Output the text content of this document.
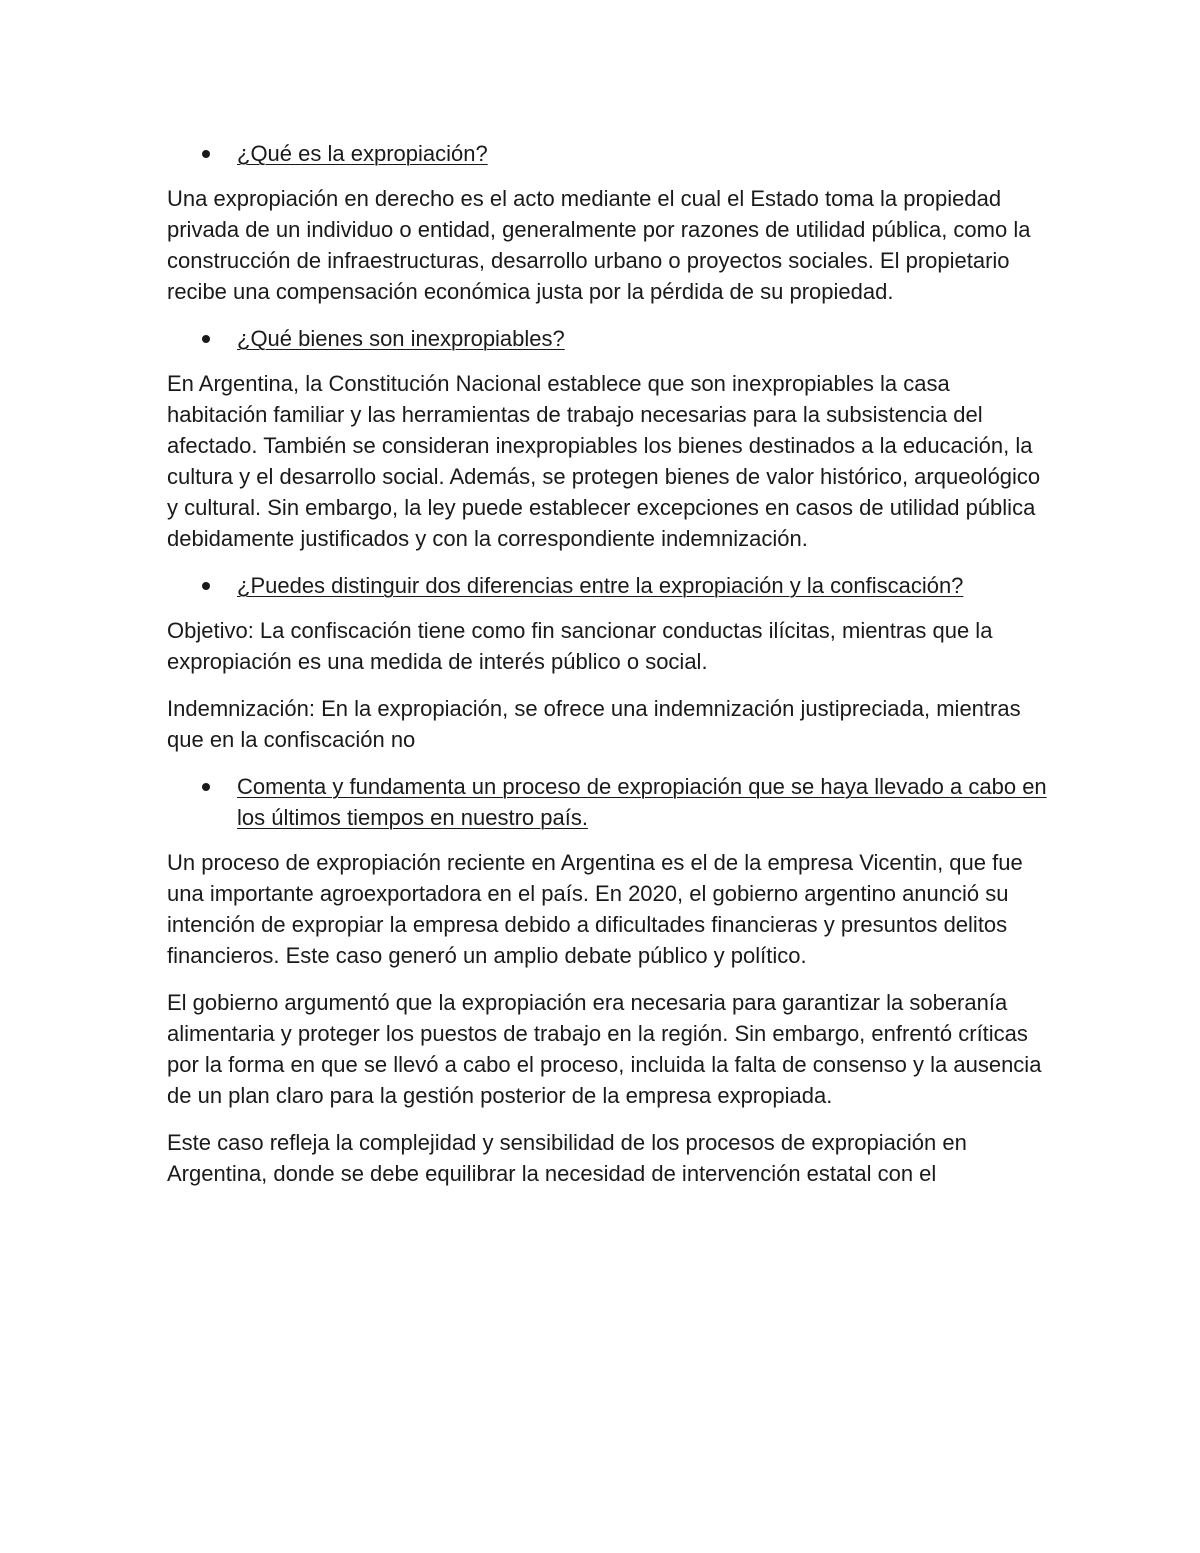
¿Qué es la expropiación?

Una expropiación en derecho es el acto mediante el cual el Estado toma la propiedad privada de un individuo o entidad, generalmente por razones de utilidad pública, como la construcción de infraestructuras, desarrollo urbano o proyectos sociales. El propietario recibe una compensación económica justa por la pérdida de su propiedad.

¿Qué bienes son inexpropiables?

En Argentina, la Constitución Nacional establece que son inexpropiables la casa habitación familiar y las herramientas de trabajo necesarias para la subsistencia del afectado. También se consideran inexpropiables los bienes destinados a la educación, la cultura y el desarrollo social. Además, se protegen bienes de valor histórico, arqueológico y cultural. Sin embargo, la ley puede establecer excepciones en casos de utilidad pública debidamente justificados y con la correspondiente indemnización.

¿Puedes distinguir dos diferencias entre la expropiación y la confiscación?

Objetivo: La confiscación tiene como fin sancionar conductas ilícitas, mientras que la expropiación es una medida de interés público o social.

Indemnización: En la expropiación, se ofrece una indemnización justipreciada, mientras que en la confiscación no

Comenta y fundamenta un proceso de expropiación que se haya llevado a cabo en los últimos tiempos en nuestro país.

Un proceso de expropiación reciente en Argentina es el de la empresa Vicentin, que fue una importante agroexportadora en el país. En 2020, el gobierno argentino anunció su intención de expropiar la empresa debido a dificultades financieras y presuntos delitos financieros. Este caso generó un amplio debate público y político.

El gobierno argumentó que la expropiación era necesaria para garantizar la soberanía alimentaria y proteger los puestos de trabajo en la región. Sin embargo, enfrentó críticas por la forma en que se llevó a cabo el proceso, incluida la falta de consenso y la ausencia de un plan claro para la gestión posterior de la empresa expropiada.

Este caso refleja la complejidad y sensibilidad de los procesos de expropiación en Argentina, donde se debe equilibrar la necesidad de intervención estatal con el
